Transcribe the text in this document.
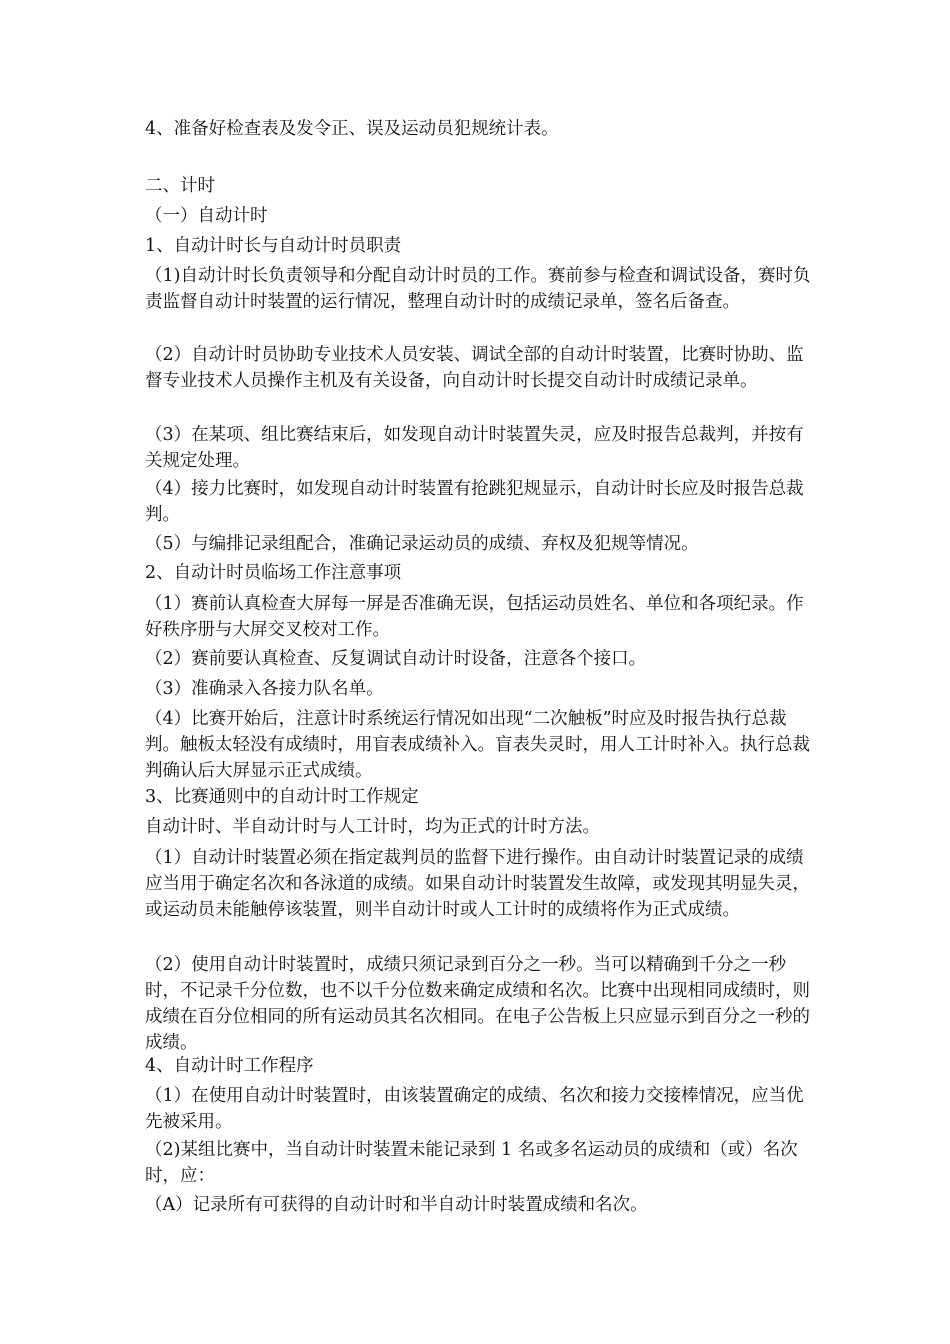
4、准备好检查表及发令正、误及运动员犯规统计表。

二、计时

（一）自动计时

1、自动计时长与自动计时员职责

（1)自动计时长负责领导和分配自动计时员的工作。赛前参与检查和调试设备，赛时负责监督自动计时装置的运行情况，整理自动计时的成绩记录单，签名后备查。

（2）自动计时员协助专业技术人员安装、调试全部的自动计时装置，比赛时协助、监督专业技术人员操作主机及有关设备，向自动计时长提交自动计时成绩记录单。

（3）在某项、组比赛结束后，如发现自动计时装置失灵，应及时报告总裁判，并按有关规定处理。

（4）接力比赛时，如发现自动计时装置有抢跳犯规显示，自动计时长应及时报告总裁判。

（5）与编排记录组配合，准确记录运动员的成绩、弃权及犯规等情况。

2、自动计时员临场工作注意事项

（1）赛前认真检查大屏每一屏是否准确无误，包括运动员姓名、单位和各项纪录。作好秩序册与大屏交叉校对工作。

（2）赛前要认真检查、反复调试自动计时设备，注意各个接口。

（3）准确录入各接力队名单。

（4）比赛开始后，注意计时系统运行情况如出现“二次触板”时应及时报告执行总裁判。触板太轻没有成绩时，用盲表成绩补入。盲表失灵时，用人工计时补入。执行总裁判确认后大屏显示正式成绩。

3、比赛通则中的自动计时工作规定

自动计时、半自动计时与人工计时，均为正式的计时方法。

（1）自动计时装置必须在指定裁判员的监督下进行操作。由自动计时装置记录的成绩应当用于确定名次和各泳道的成绩。如果自动计时装置发生故障，或发现其明显失灵，或运动员未能触停该装置，则半自动计时或人工计时的成绩将作为正式成绩。

（2）使用自动计时装置时，成绩只须记录到百分之一秒。当可以精确到千分之一秒时，不记录千分位数，也不以千分位数来确定成绩和名次。比赛中出现相同成绩时，则成绩在百分位相同的所有运动员其名次相同。在电子公告板上只应显示到百分之一秒的成绩。

4、自动计时工作程序

（1）在使用自动计时装置时，由该装置确定的成绩、名次和接力交接棒情况，应当优先被采用。

（2)某组比赛中，当自动计时装置未能记录到 1 名或多名运动员的成绩和（或）名次时，应：

（A）记录所有可获得的自动计时和半自动计时装置成绩和名次。
